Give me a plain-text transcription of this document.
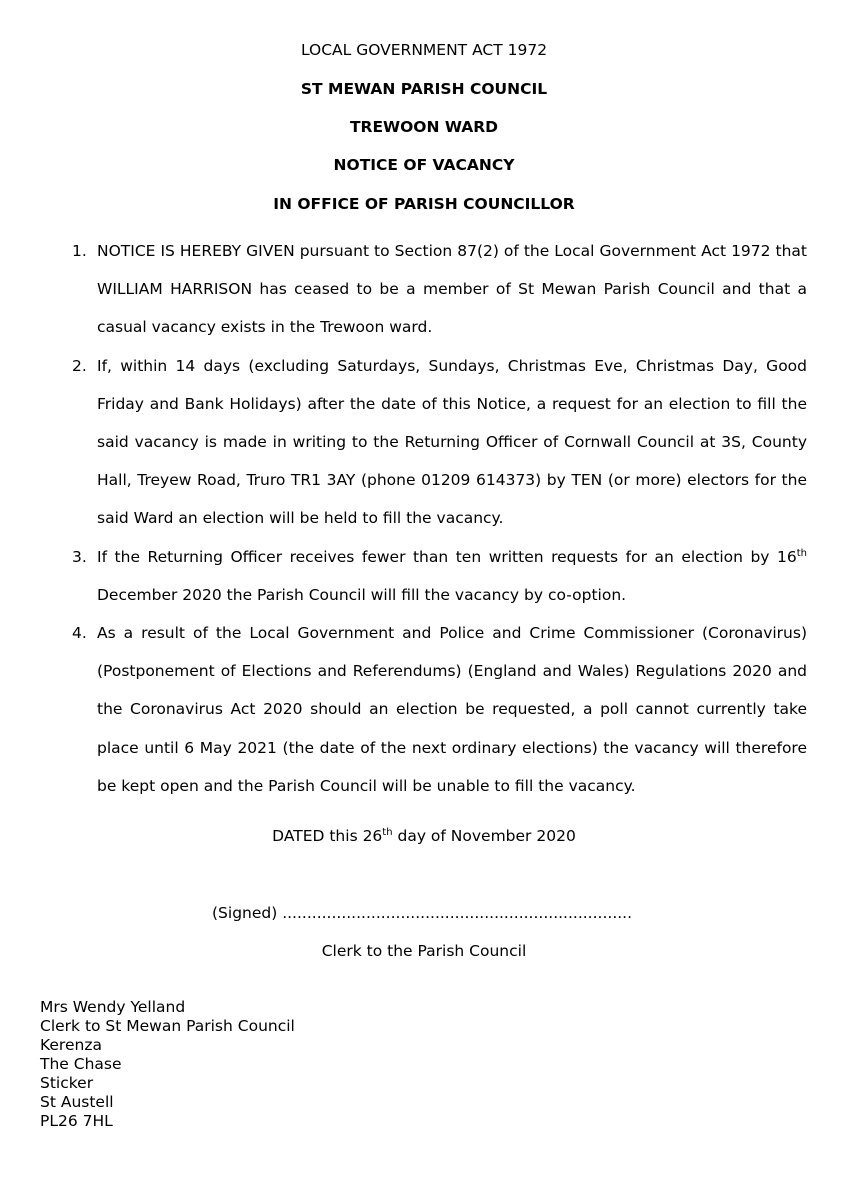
LOCAL GOVERNMENT ACT 1972
ST MEWAN PARISH COUNCIL
TREWOON WARD
NOTICE OF VACANCY
IN OFFICE OF PARISH COUNCILLOR
1. NOTICE IS HEREBY GIVEN pursuant to Section 87(2) of the Local Government Act 1972 that WILLIAM HARRISON has ceased to be a member of St Mewan Parish Council and that a casual vacancy exists in the Trewoon ward.
2. If, within 14 days (excluding Saturdays, Sundays, Christmas Eve, Christmas Day, Good Friday and Bank Holidays) after the date of this Notice, a request for an election to fill the said vacancy is made in writing to the Returning Officer of Cornwall Council at 3S, County Hall, Treyew Road, Truro TR1 3AY (phone 01209 614373) by TEN (or more) electors for the said Ward an election will be held to fill the vacancy.
3. If the Returning Officer receives fewer than ten written requests for an election by 16th December 2020 the Parish Council will fill the vacancy by co-option.
4. As a result of the Local Government and Police and Crime Commissioner (Coronavirus) (Postponement of Elections and Referendums) (England and Wales) Regulations 2020 and the Coronavirus Act 2020 should an election be requested, a poll cannot currently take place until 6 May 2021 (the date of the next ordinary elections) the vacancy will therefore be kept open and the Parish Council will be unable to fill the vacancy.
DATED this 26th day of November 2020
(Signed) .......................................................................
Clerk to the Parish Council
Mrs Wendy Yelland
Clerk to St Mewan Parish Council
Kerenza
The Chase
Sticker
St Austell
PL26 7HL
